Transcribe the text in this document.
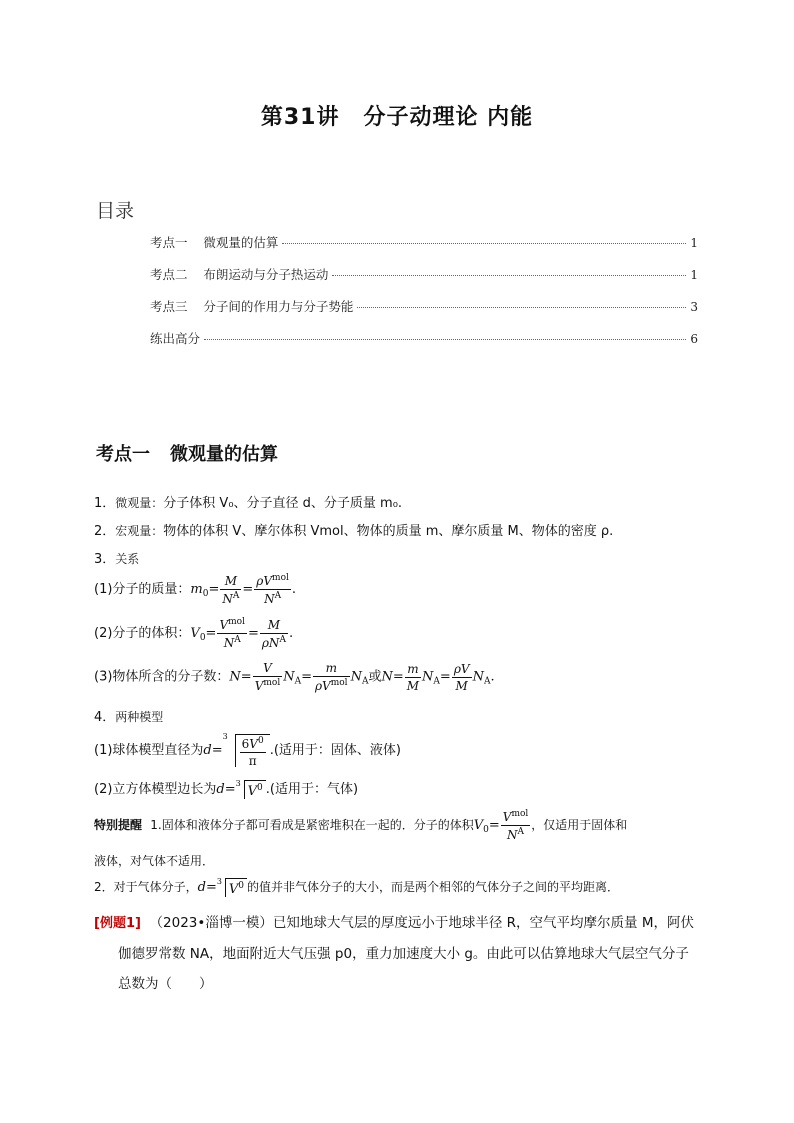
第31讲 分子动理论 内能
目录
考点一    微观量的估算	1
考点二    布朗运动与分子热运动	1
考点三    分子间的作用力与分子势能	3
练出高分	6
考点一 微观量的估算
1．微观量：分子体积 V₀、分子直径 d、分子质量 m₀.
2．宏观量：物体的体积 V、摩尔体积 Vmol、物体的质量 m、摩尔质量 M、物体的密度 ρ.
3．关系
(1)分子的质量：$m_0= \frac{M}{N^A} = \frac{\rho V^{mol}}{N^A}$ .
(2)分子的体积：$V_0= \frac{V^{mol}}{N^A} = \frac{M}{\rho N^A}$ .
(3)物体所含的分子数：$N= \frac{V}{V^{mol}} N_A= \frac{m}{\rho V^{mol}} N_A$或$N= \frac{m}{M} N_A= \frac{\rho V}{M} N_A$.
4．两种模型
(1)球体模型直径为d=
3
$\frac{6V^0}{\pi}$ .(适用于：固体、液体)
(2)立方体模型边长为d= 3
$V^0$ .(适用于：气体)
特别提醒 1.固体和液体分子都可看成是紧密堆积在一起的．分子的体积$V_0= \frac{V^{mol}}{N^A}$ ，仅适用于固体和
液体，对气体不适用．
2．对于气体分子，d= 3
$V^0$ 的值并非气体分子的大小，而是两个相邻的气体分子之间的平均距离．
[例题1] （2023•淄博一模）已知地球大气层的厚度远小于地球半径 R，空气平均摩尔质量 M，阿伏
伽德罗常数 NA，地面附近大气压强 p0，重力加速度大小 g。由此可以估算地球大气层空气分子
总数为（　　）
